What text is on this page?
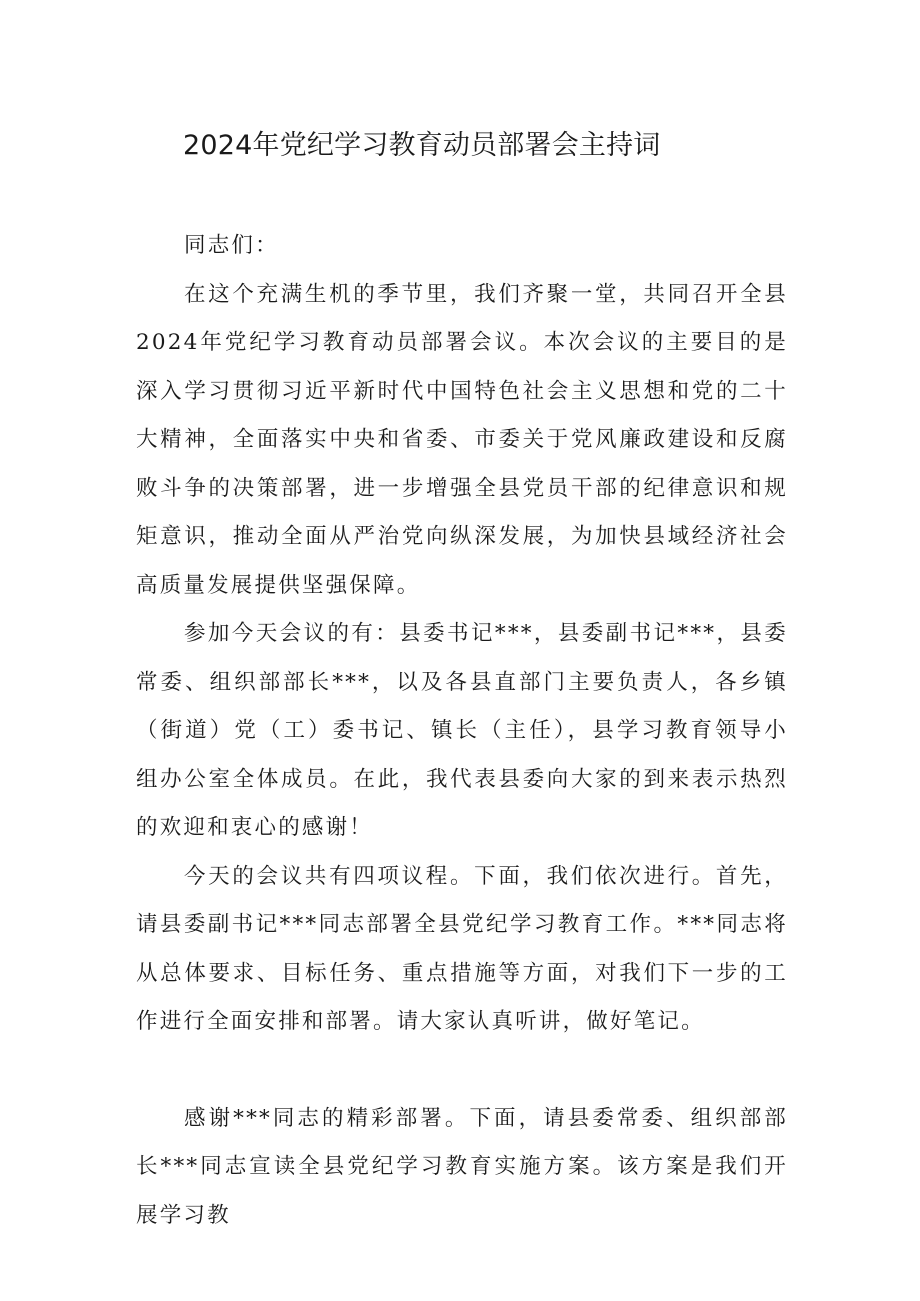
2024年党纪学习教育动员部署会主持词

同志们：

在这个充满生机的季节里，我们齐聚一堂，共同召开全县2024年党纪学习教育动员部署会议。本次会议的主要目的是深入学习贯彻习近平新时代中国特色社会主义思想和党的二十大精神，全面落实中央和省委、市委关于党风廉政建设和反腐败斗争的决策部署，进一步增强全县党员干部的纪律意识和规矩意识，推动全面从严治党向纵深发展，为加快县域经济社会高质量发展提供坚强保障。

参加今天会议的有：县委书记***，县委副书记***，县委常委、组织部部长***，以及各县直部门主要负责人，各乡镇（街道）党（工）委书记、镇长（主任），县学习教育领导小组办公室全体成员。在此，我代表县委向大家的到来表示热烈的欢迎和衷心的感谢！

今天的会议共有四项议程。下面，我们依次进行。首先，请县委副书记***同志部署全县党纪学习教育工作。***同志将从总体要求、目标任务、重点措施等方面，对我们下一步的工作进行全面安排和部署。请大家认真听讲，做好笔记。

感谢***同志的精彩部署。下面，请县委常委、组织部部长***同志宣读全县党纪学习教育实施方案。该方案是我们开展学习教
